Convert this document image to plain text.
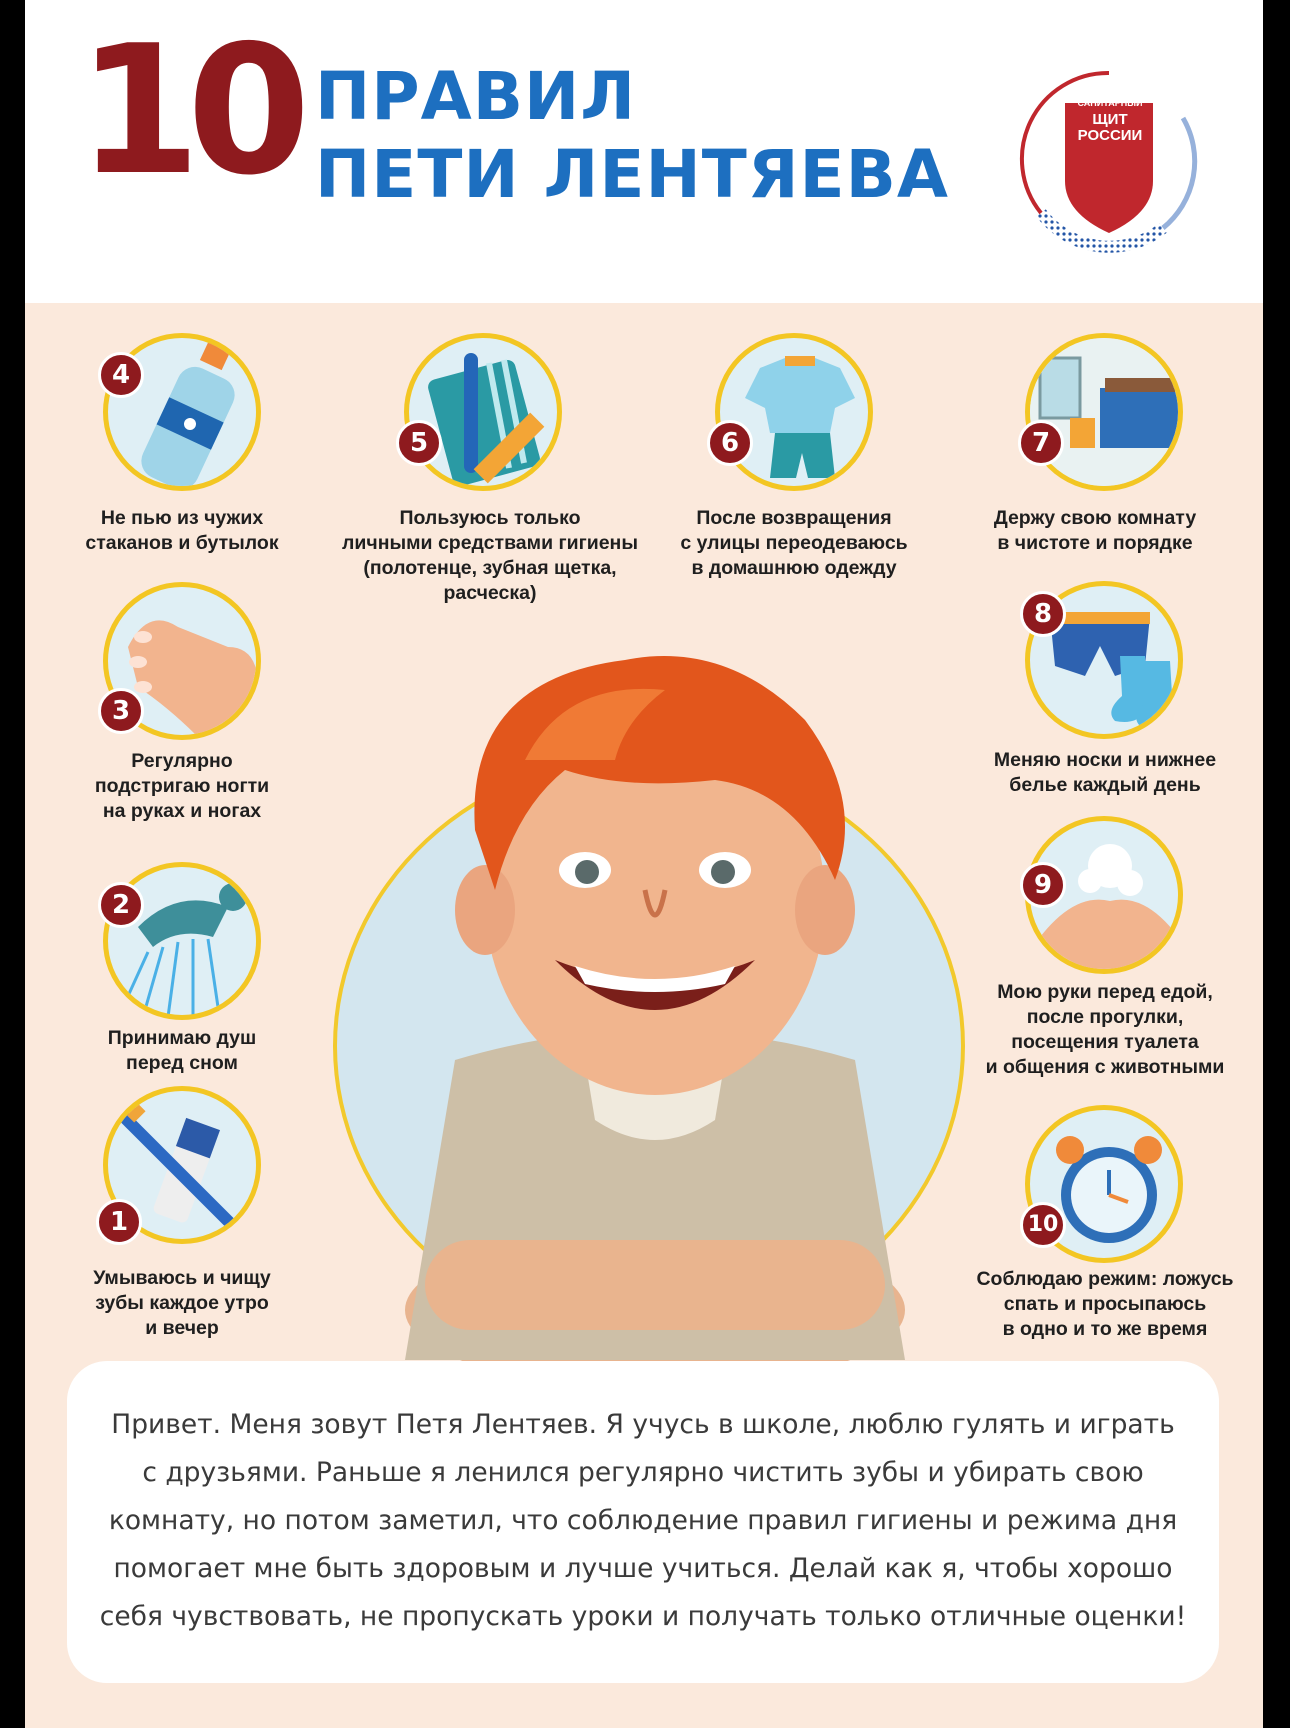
10 ПРАВИЛ
ПЕТИ ЛЕНТЯЕВА
САНИТАРНЫЙ
ЩИТ
РОССИИ
1
Умываюсь и чищу
зубы каждое утро
и вечер
2
Принимаю душ
перед сном
3
Регулярно
подстригаю ногти
на руках и ногах
4
Не пью из чужих
стаканов и бутылок
5
Пользуюсь только
личными средствами гигиены
(полотенце, зубная щетка,
расческа)
6
После возвращения
с улицы переодеваюсь
в домашнюю одежду
7
Держу свою комнату
в чистоте и порядке
8
Меняю носки и нижнее
белье каждый день
9
Мою руки перед едой,
после прогулки,
посещения туалета
и общения с животными
10
Соблюдаю режим: ложусь
спать и просыпаюсь
в одно и то же время
Привет. Меня зовут Петя Лентяев. Я учусь в школе, люблю гулять и играть
с друзьями. Раньше я ленился регулярно чистить зубы и убирать свою
комнату, но потом заметил, что соблюдение правил гигиены и режима дня
помогает мне быть здоровым и лучше учиться. Делай как я, чтобы хорошо
себя чувствовать, не пропускать уроки и получать только отличные оценки!
